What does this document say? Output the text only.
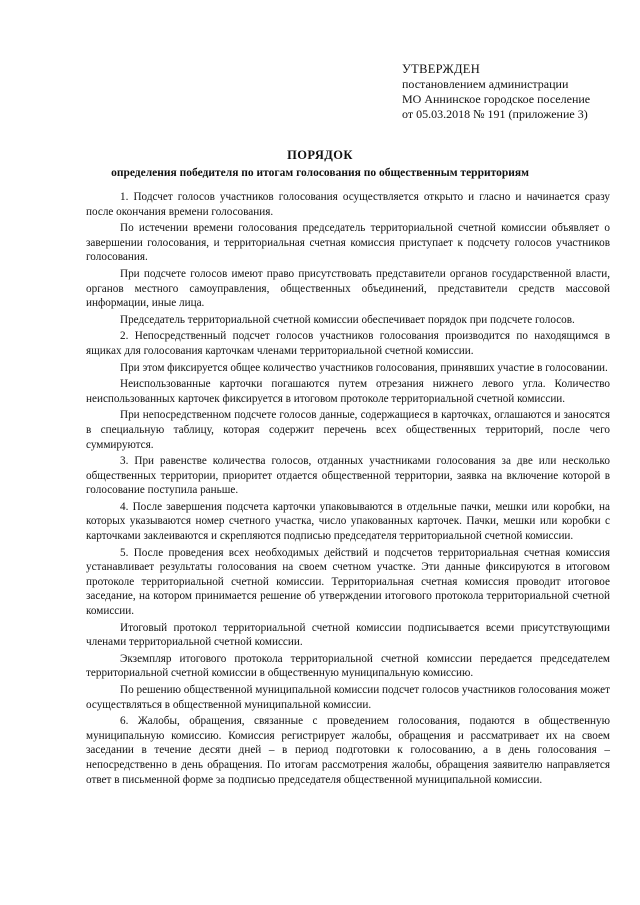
УТВЕРЖДЕН
постановлением администрации
МО Аннинское городское поселение
от 05.03.2018 № 191 (приложение 3)
ПОРЯДОК
определения победителя по итогам голосования по общественным территориям

1. Подсчет голосов участников голосования осуществляется открыто и гласно и начинается сразу после окончания времени голосования.

По истечении времени голосования председатель территориальной счетной комиссии объявляет о завершении голосования, и территориальная счетная комиссия приступает к подсчету голосов участников голосования.

При подсчете голосов имеют право присутствовать представители органов государственной власти, органов местного самоуправления, общественных объединений, представители средств массовой информации, иные лица.

Председатель территориальной счетной комиссии обеспечивает порядок при подсчете голосов.

2. Непосредственный подсчет голосов участников голосования производится по находящимся в ящиках для голосования карточкам членами территориальной счетной комиссии.

При этом фиксируется общее количество участников голосования, принявших участие в голосовании.

Неиспользованные карточки погашаются путем отрезания нижнего левого угла. Количество неиспользованных карточек фиксируется в итоговом протоколе территориальной счетной комиссии.

При непосредственном подсчете голосов данные, содержащиеся в карточках, оглашаются и заносятся в специальную таблицу, которая содержит перечень всех общественных территорий, после чего суммируются.

3. При равенстве количества голосов, отданных участниками голосования за две или несколько общественных территории, приоритет отдается общественной территории, заявка на включение которой в голосование поступила раньше.

4. После завершения подсчета карточки упаковываются в отдельные пачки, мешки или коробки, на которых указываются номер счетного участка, число упакованных карточек. Пачки, мешки или коробки с карточками заклеиваются и скрепляются подписью председателя территориальной счетной комиссии.

5. После проведения всех необходимых действий и подсчетов территориальная счетная комиссия устанавливает результаты голосования на своем счетном участке. Эти данные фиксируются в итоговом протоколе территориальной счетной комиссии. Территориальная счетная комиссия проводит итоговое заседание, на котором принимается решение об утверждении итогового протокола территориальной счетной комиссии.

Итоговый протокол территориальной счетной комиссии подписывается всеми присутствующими членами территориальной счетной комиссии.

Экземпляр итогового протокола территориальной счетной комиссии передается председателем территориальной счетной комиссии в общественную муниципальную комиссию.

По решению общественной муниципальной комиссии подсчет голосов участников голосования может осуществляться в общественной муниципальной комиссии.

6. Жалобы, обращения, связанные с проведением голосования, подаются в общественную муниципальную комиссию. Комиссия регистрирует жалобы, обращения и рассматривает их на своем заседании в течение десяти дней – в период подготовки к голосованию, а в день голосования – непосредственно в день обращения. По итогам рассмотрения жалобы, обращения заявителю направляется ответ в письменной форме за подписью председателя общественной муниципальной комиссии.
